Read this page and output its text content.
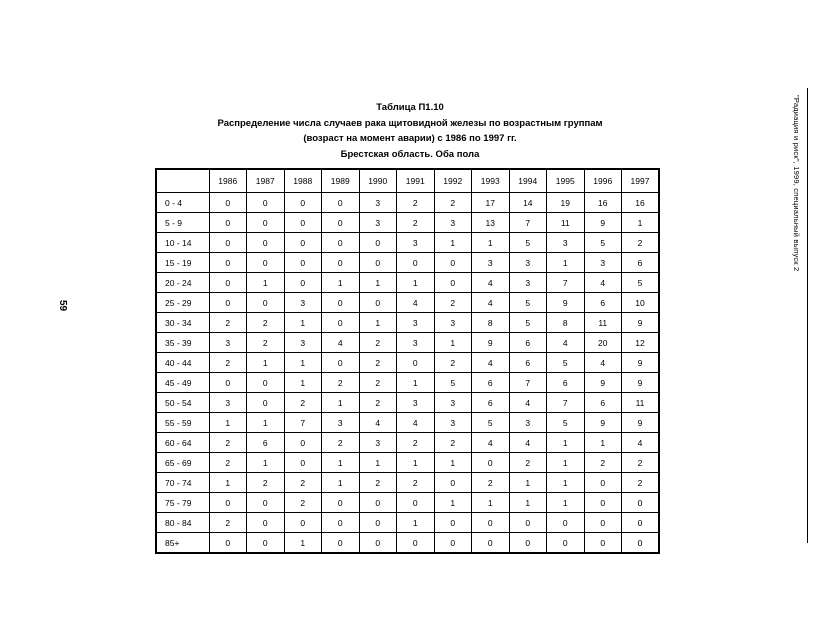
"Радиация и риск", 1999, специальный выпуск 2
59
Таблица П1.10
Распределение числа случаев рака щитовидной железы по возрастным группам
(возраст на момент аварии) с 1986 по 1997 гг.
Брестская область. Оба пола
	1986	1987	1988	1989	1990	1991	1992	1993	1994	1995	1996	1997
0 - 4	0	0	0	0	3	2	2	17	14	19	16	16
5 - 9	0	0	0	0	3	2	3	13	7	11	9	1
10 - 14	0	0	0	0	0	3	1	1	5	3	5	2
15 - 19	0	0	0	0	0	0	0	3	3	1	3	6
20 - 24	0	1	0	1	1	1	0	4	3	7	4	5
25 - 29	0	0	3	0	0	4	2	4	5	9	6	10
30 - 34	2	2	1	0	1	3	3	8	5	8	11	9
35 - 39	3	2	3	4	2	3	1	9	6	4	20	12
40 - 44	2	1	1	0	2	0	2	4	6	5	4	9
45 - 49	0	0	1	2	2	1	5	6	7	6	9	9
50 - 54	3	0	2	1	2	3	3	6	4	7	6	11
55 - 59	1	1	7	3	4	4	3	5	3	5	9	9
60 - 64	2	6	0	2	3	2	2	4	4	1	1	4
65 - 69	2	1	0	1	1	1	1	0	2	1	2	2
70 - 74	1	2	2	1	2	2	0	2	1	1	0	2
75 - 79	0	0	2	0	0	0	1	1	1	1	0	0
80 - 84	2	0	0	0	0	1	0	0	0	0	0	0
85+	0	0	1	0	0	0	0	0	0	0	0	0
